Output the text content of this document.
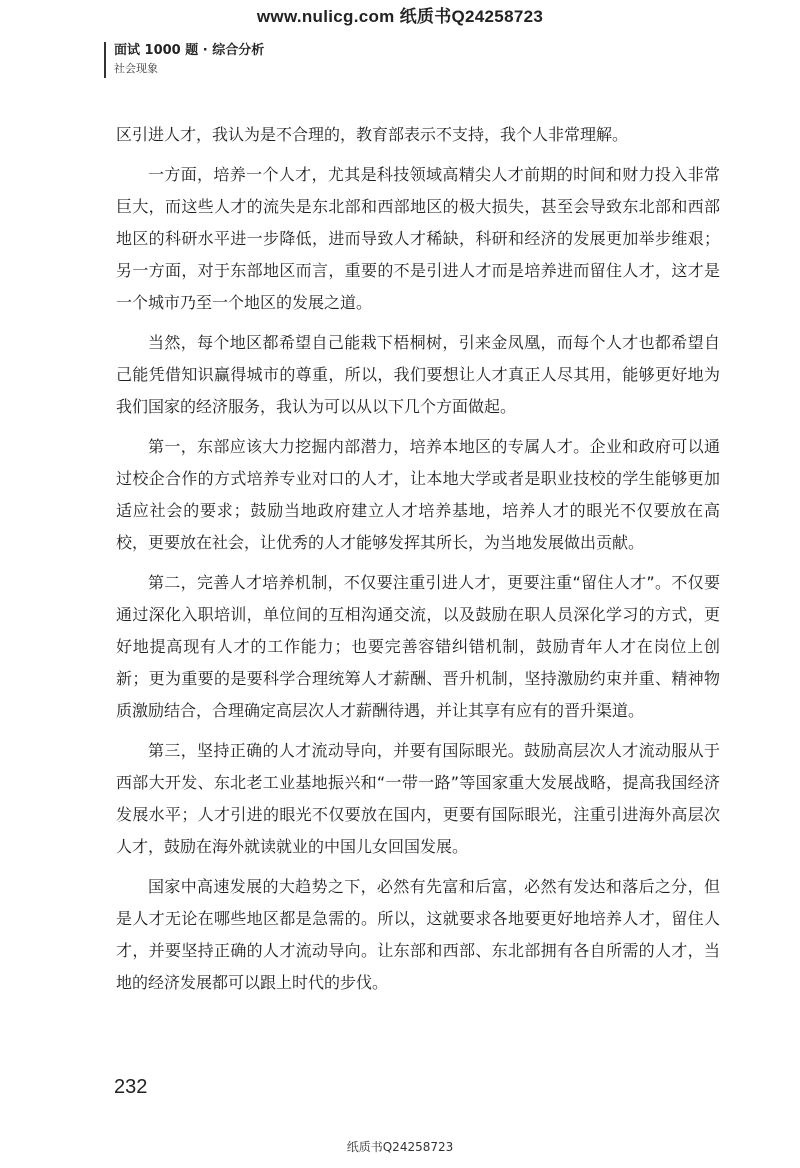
www.nulicg.com 纸质书Q24258723
面试 1000 题 · 综合分析
社会现象

区引进人才，我认为是不合理的，教育部表示不支持，我个人非常理解。

一方面，培养一个人才，尤其是科技领域高精尖人才前期的时间和财力投入非常巨大，而这些人才的流失是东北部和西部地区的极大损失，甚至会导致东北部和西部地区的科研水平进一步降低，进而导致人才稀缺，科研和经济的发展更加举步维艰；另一方面，对于东部地区而言，重要的不是引进人才而是培养进而留住人才，这才是一个城市乃至一个地区的发展之道。

当然，每个地区都希望自己能栽下梧桐树，引来金凤凰，而每个人才也都希望自己能凭借知识赢得城市的尊重，所以，我们要想让人才真正人尽其用，能够更好地为我们国家的经济服务，我认为可以从以下几个方面做起。

第一，东部应该大力挖掘内部潜力，培养本地区的专属人才。企业和政府可以通过校企合作的方式培养专业对口的人才，让本地大学或者是职业技校的学生能够更加适应社会的要求；鼓励当地政府建立人才培养基地，培养人才的眼光不仅要放在高校，更要放在社会，让优秀的人才能够发挥其所长，为当地发展做出贡献。

第二，完善人才培养机制，不仅要注重引进人才，更要注重“留住人才”。不仅要通过深化入职培训，单位间的互相沟通交流，以及鼓励在职人员深化学习的方式，更好地提高现有人才的工作能力；也要完善容错纠错机制，鼓励青年人才在岗位上创新；更为重要的是要科学合理统筹人才薪酬、晋升机制，坚持激励约束并重、精神物质激励结合，合理确定高层次人才薪酬待遇，并让其享有应有的晋升渠道。

第三，坚持正确的人才流动导向，并要有国际眼光。鼓励高层次人才流动服从于西部大开发、东北老工业基地振兴和“一带一路”等国家重大发展战略，提高我国经济发展水平；人才引进的眼光不仅要放在国内，更要有国际眼光，注重引进海外高层次人才，鼓励在海外就读就业的中国儿女回国发展。

国家中高速发展的大趋势之下，必然有先富和后富，必然有发达和落后之分，但是人才无论在哪些地区都是急需的。所以，这就要求各地要更好地培养人才，留住人才，并要坚持正确的人才流动导向。让东部和西部、东北部拥有各自所需的人才，当地的经济发展都可以跟上时代的步伐。

232
纸质书Q24258723
